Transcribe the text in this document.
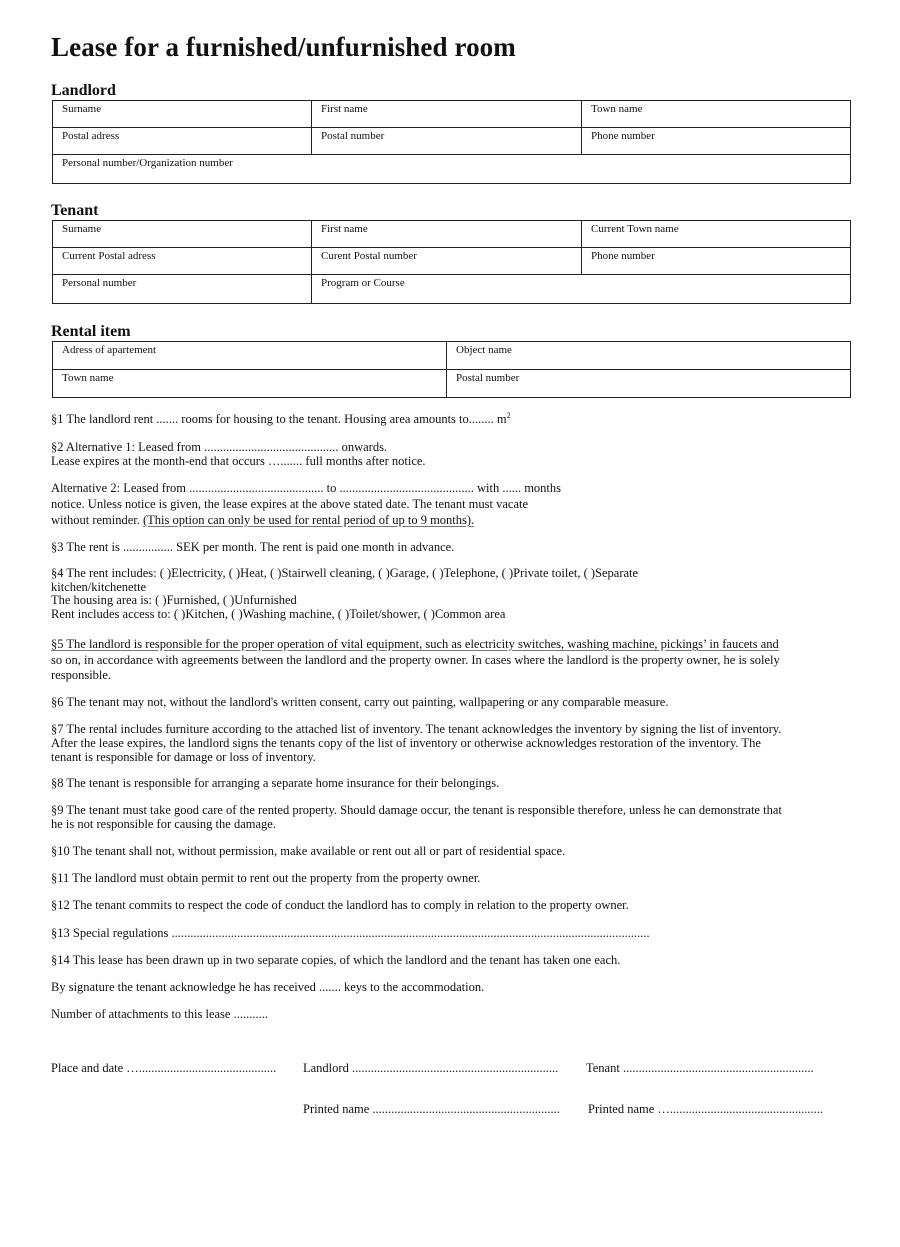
Lease for a furnished/unfurnished room
Landlord
Surname	First name	Town name
Postal adress	Postal number	Phone number
Personal number/Organization number		
Tenant
Surname	First name	Current Town name
Current Postal adress	Curent Postal number	Phone number
Personal number	Program or Course	
Rental item
Adress of apartement	Object name
Town name	Postal number

§1 The landlord rent ....... rooms for housing to the tenant. Housing area amounts to........ $m^2$

§2 Alternative 1: Leased from ........................................... onwards.
Lease expires at the month-end that occurs …....... full months after notice.

Alternative 2: Leased from ........................................... to ........................................... with ...... months
notice. Unless notice is given, the lease expires at the above stated date. The tenant must vacate
without reminder. (This option can only be used for rental period of up to 9 months).

§3 The rent is ................ SEK per month. The rent is paid one month in advance.

§4 The rent includes: ( )Electricity, ( )Heat, ( )Stairwell cleaning, ( )Garage, ( )Telephone, ( )Private toilet, ( )Separate
kitchen/kitchenette
The housing area is: ( )Furnished, ( )Unfurnished
Rent includes access to: ( )Kitchen, ( )Washing machine, ( )Toilet/shower, ( )Common area

§5 The landlord is responsible for the proper operation of vital equipment, such as electricity switches, washing machine, pickings’ in faucets and
so on, in accordance with agreements between the landlord and the property owner. In cases where the landlord is the property owner, he is solely
responsible.

§6 The tenant may not, without the landlord's written consent, carry out painting, wallpapering or any comparable measure.

§7 The rental includes furniture according to the attached list of inventory. The tenant acknowledges the inventory by signing the list of inventory.
After the lease expires, the landlord signs the tenants copy of the list of inventory or otherwise acknowledges restoration of the inventory. The
tenant is responsible for damage or loss of inventory.

§8 The tenant is responsible for arranging a separate home insurance for their belongings.

§9 The tenant must take good care of the rented property. Should damage occur, the tenant is responsible therefore, unless he can demonstrate that
he is not responsible for causing the damage.

§10 The tenant shall not, without permission, make available or rent out all or part of residential space.

§11 The landlord must obtain permit to rent out the property from the property owner.

§12 The tenant commits to respect the code of conduct the landlord has to comply in relation to the property owner.

§13 Special regulations .........................................................................................................................................................

§14 This lease has been drawn up in two separate copies, of which the landlord and the tenant has taken one each.

By signature the tenant acknowledge he has received ....... keys to the accommodation.

Number of attachments to this lease ...........

Place and date …............................................ Landlord .................................................................. Tenant .............................................................

Printed name ............................................................ Printed name ….................................................
